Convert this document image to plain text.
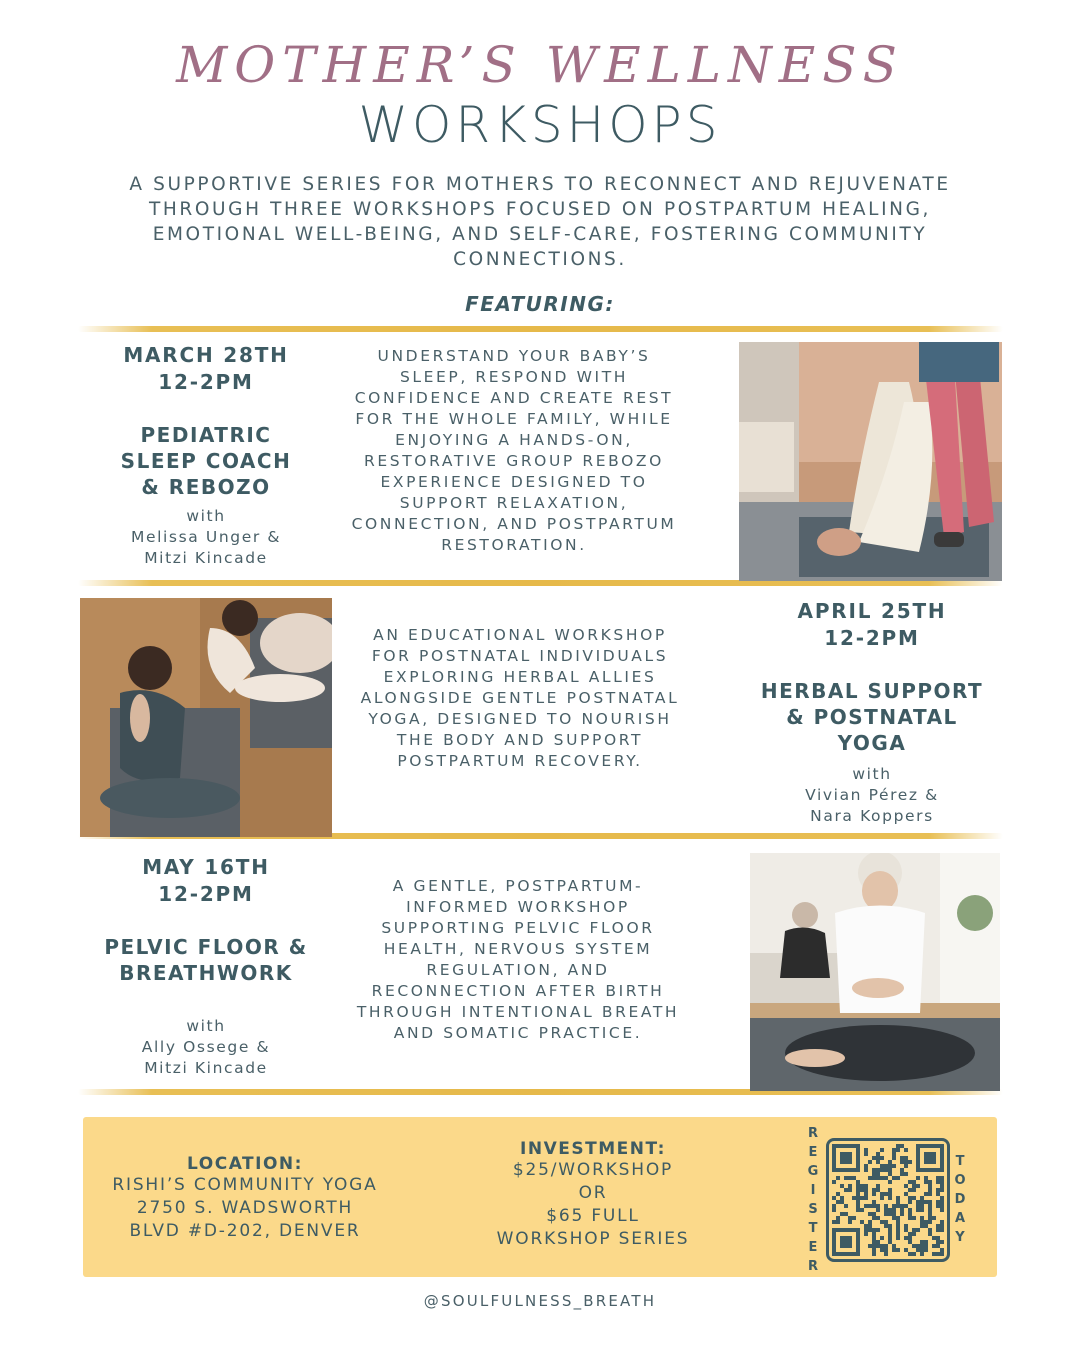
MOTHER’S WELLNESS
WORKSHOPS
A SUPPORTIVE SERIES FOR MOTHERS TO RECONNECT AND REJUVENATE THROUGH THREE WORKSHOPS FOCUSED ON POSTPARTUM HEALING, EMOTIONAL WELL-BEING, AND SELF-CARE, FOSTERING COMMUNITY CONNECTIONS.
FEATURING:
MARCH 28TH
12-2PM
PEDIATRIC
SLEEP COACH
& REBOZO
with
Melissa Unger &
Mitzi Kincade
UNDERSTAND YOUR BABY’S SLEEP, RESPOND WITH CONFIDENCE AND CREATE REST FOR THE WHOLE FAMILY, WHILE ENJOYING A HANDS-ON, RESTORATIVE GROUP REBOZO EXPERIENCE DESIGNED TO SUPPORT RELAXATION, CONNECTION, AND POSTPARTUM RESTORATION.
AN EDUCATIONAL WORKSHOP FOR POSTNATAL INDIVIDUALS EXPLORING HERBAL ALLIES ALONGSIDE GENTLE POSTNATAL YOGA, DESIGNED TO NOURISH THE BODY AND SUPPORT POSTPARTUM RECOVERY.
APRIL 25TH
12-2PM
HERBAL SUPPORT
& POSTNATAL
YOGA
with
Vivian Pérez &
Nara Koppers
MAY 16TH
12-2PM
PELVIC FLOOR &
BREATHWORK
with
Ally Ossege &
Mitzi Kincade
A GENTLE, POSTPARTUM-INFORMED WORKSHOP SUPPORTING PELVIC FLOOR HEALTH, NERVOUS SYSTEM REGULATION, AND RECONNECTION AFTER BIRTH THROUGH INTENTIONAL BREATH AND SOMATIC PRACTICE.
LOCATION:
RISHI’S COMMUNITY YOGA
2750 S. WADSWORTH
BLVD #D-202, DENVER
INVESTMENT:
$25/WORKSHOP
OR
$65 FULL
WORKSHOP SERIES
R
E
G
I
S
T
E
R
T
O
D
A
Y
@SOULFULNESS_BREATH
